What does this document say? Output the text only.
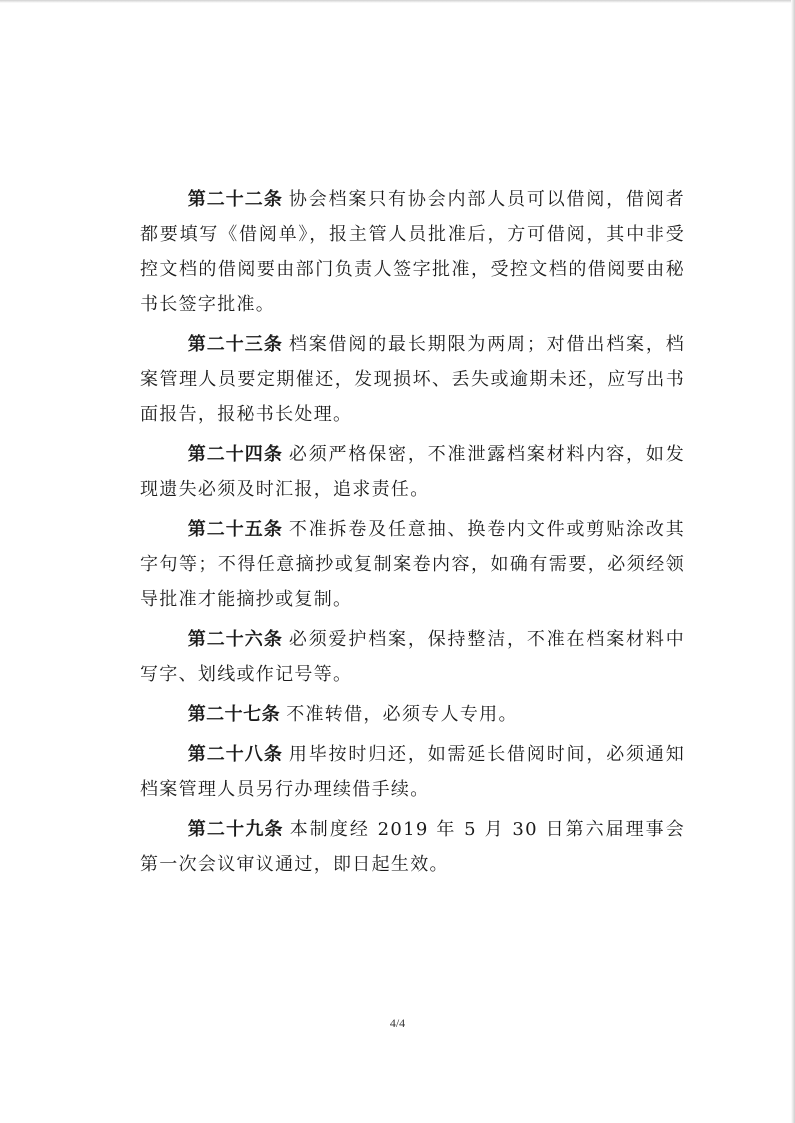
第二十二条 协会档案只有协会内部人员可以借阅，借阅者都要填写《借阅单》，报主管人员批准后，方可借阅，其中非受控文档的借阅要由部门负责人签字批准，受控文档的借阅要由秘书长签字批准。

第二十三条 档案借阅的最长期限为两周；对借出档案，档案管理人员要定期催还，发现损坏、丢失或逾期未还，应写出书面报告，报秘书长处理。

第二十四条 必须严格保密，不准泄露档案材料内容，如发现遗失必须及时汇报，追求责任。

第二十五条 不准拆卷及任意抽、换卷内文件或剪贴涂改其字句等；不得任意摘抄或复制案卷内容，如确有需要，必须经领导批准才能摘抄或复制。

第二十六条 必须爱护档案，保持整洁，不准在档案材料中写字、划线或作记号等。

第二十七条 不准转借，必须专人专用。

第二十八条 用毕按时归还，如需延长借阅时间，必须通知档案管理人员另行办理续借手续。

第二十九条 本制度经 2019 年 5 月 30 日第六届理事会第一次会议审议通过，即日起生效。

4/4
